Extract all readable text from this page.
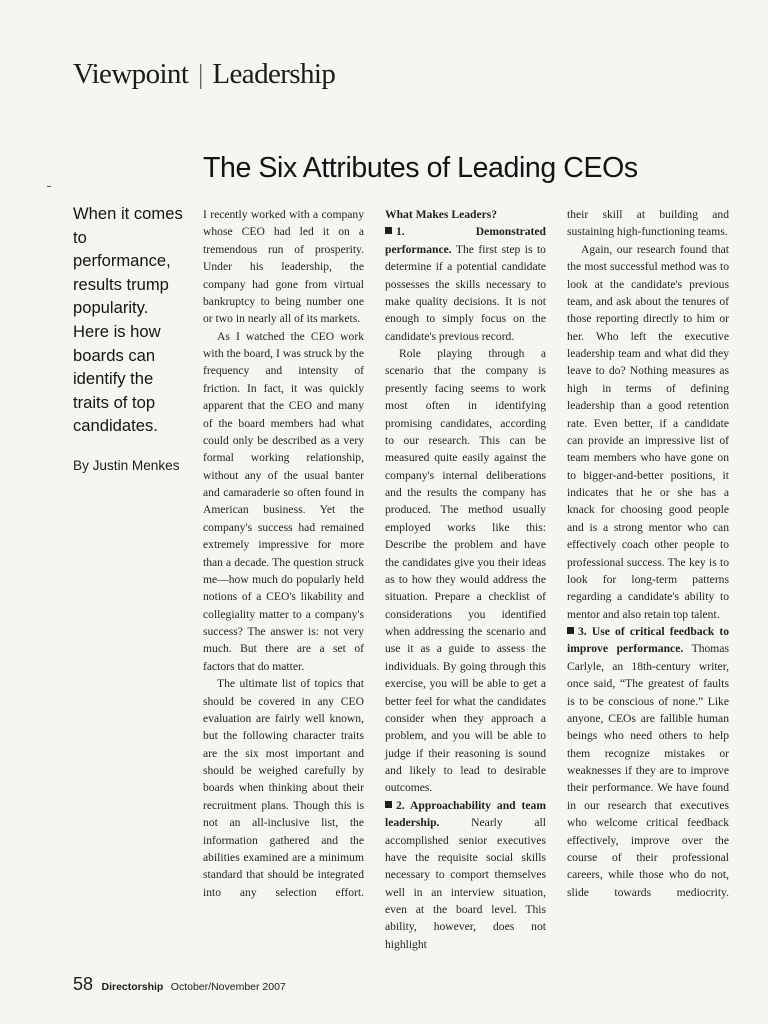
Viewpoint | Leadership
The Six Attributes of Leading CEOs

When it comes to performance, results trump popularity. Here is how boards can identify the traits of top candidates.

By Justin Menkes

I recently worked with a company whose CEO had led it on a tremendous run of prosperity. Under his leadership, the company had gone from virtual bankruptcy to being number one or two in nearly all of its markets.

As I watched the CEO work with the board, I was struck by the frequency and intensity of friction. In fact, it was quickly apparent that the CEO and many of the board members had what could only be described as a very formal working relationship, without any of the usual banter and camaraderie so often found in American business. Yet the company's success had remained extremely impressive for more than a decade. The question struck me—how much do popularly held notions of a CEO's likability and collegiality matter to a company's success? The answer is: not very much. But there are a set of factors that do matter.

The ultimate list of topics that should be covered in any CEO evaluation are fairly well known, but the following character traits are the six most important and should be weighed carefully by boards when thinking about their recruitment plans. Though this is not an all-inclusive list, the information gathered and the abilities examined are a minimum standard that should be integrated into any selection effort.

What Makes Leaders?

1. Demonstrated performance. The first step is to determine if a potential candidate possesses the skills necessary to make quality decisions. It is not enough to simply focus on the candidate's previous record.

Role playing through a scenario that the company is presently facing seems to work most often in identifying promising candidates, according to our research. This can be measured quite easily against the company's internal deliberations and the results the company has produced. The method usually employed works like this: Describe the problem and have the candidates give you their ideas as to how they would address the situation. Prepare a checklist of considerations you identified when addressing the scenario and use it as a guide to assess the individuals. By going through this exercise, you will be able to get a better feel for what the candidates consider when they approach a problem, and you will be able to judge if their reasoning is sound and likely to lead to desirable outcomes.

2. Approachability and team leadership.	Nearly all accomplished senior executives have the requisite social skills necessary to comport themselves well in an interview situation, even at the board level. This ability, however, does not highlight

their skill at building and sustaining high-functioning teams.

Again, our research found that the most successful method was to look at the candidate's previous team, and ask about the tenures of those reporting directly to him or her. Who left the executive leadership team and what did they leave to do? Nothing measures as high in terms of defining leadership than a good retention rate. Even better, if a candidate can provide an impressive list of team members who have gone on to bigger-and-better positions, it indicates that he or she has a knack for choosing good people and is a strong mentor who can effectively coach other people to professional success. The key is to look for long-term patterns regarding a candidate's ability to mentor and also retain top talent.

3. Use of critical feedback to improve performance. Thomas Carlyle, an 18th-century writer, once said, “The greatest of faults is to be conscious of none.” Like anyone, CEOs are fallible human beings who need others to help them recognize mistakes or weaknesses if they are to improve their performance. We have found in our research that executives who welcome critical feedback effectively, improve over the course of their professional careers, while those who do not, slide towards mediocrity.

58 Directorship October/November 2007
